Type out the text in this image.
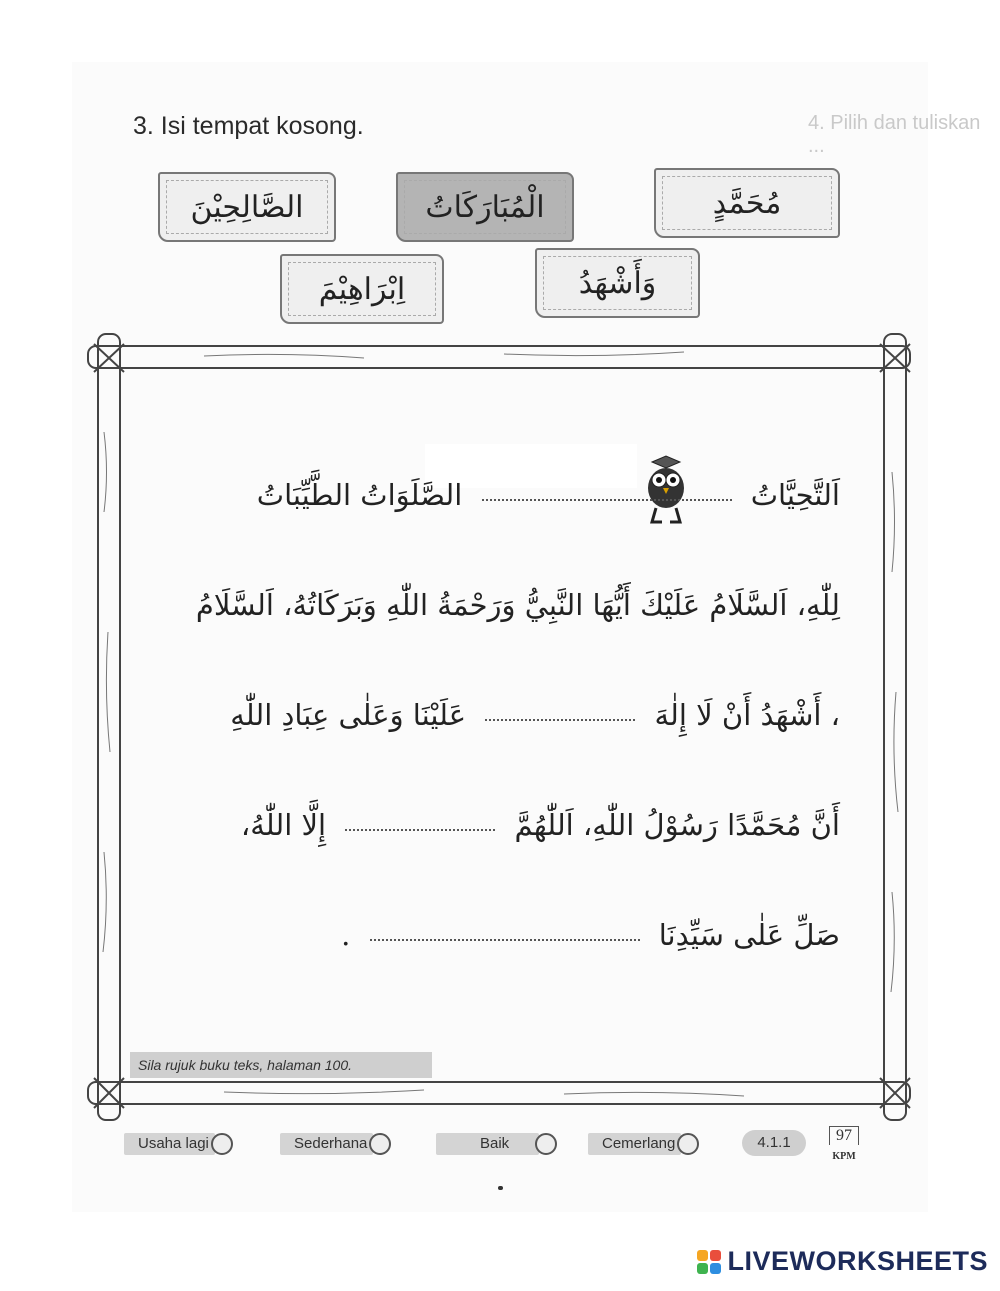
3. Isi tempat kosong.	4. Pilih dan tuliskan ...
الصَّالِحِيْنَ	الْمُبَارَكَاتُ	مُحَمَّدٍ
اِبْرَاهِيْمَ	وَأَشْهَدُ
اَلتَّحِيَّاتُ  الصَّلَوَاتُ الطَّيِّبَاتُ
لِلّٰهِ، اَلسَّلَامُ عَلَيْكَ أَيُّهَا النَّبِيُّ وَرَحْمَةُ اللّٰهِ وَبَرَكَاتُهُ، اَلسَّلَامُ
، أَشْهَدُ أَنْ لَا إِلٰهَ  عَلَيْنَا وَعَلٰى عِبَادِ اللّٰهِ
أَنَّ مُحَمَّدًا رَسُوْلُ اللّٰهِ، اَللّٰهُمَّ  إِلَّا اللّٰهُ،
صَلِّ عَلٰى سَيِّدِنَا  .
Sila rujuk buku teks, halaman 100.
Usaha lagi	Sederhana	Baik	Cemerlang	4.1.1	97
KPM
LIVEWORKSHEETS
